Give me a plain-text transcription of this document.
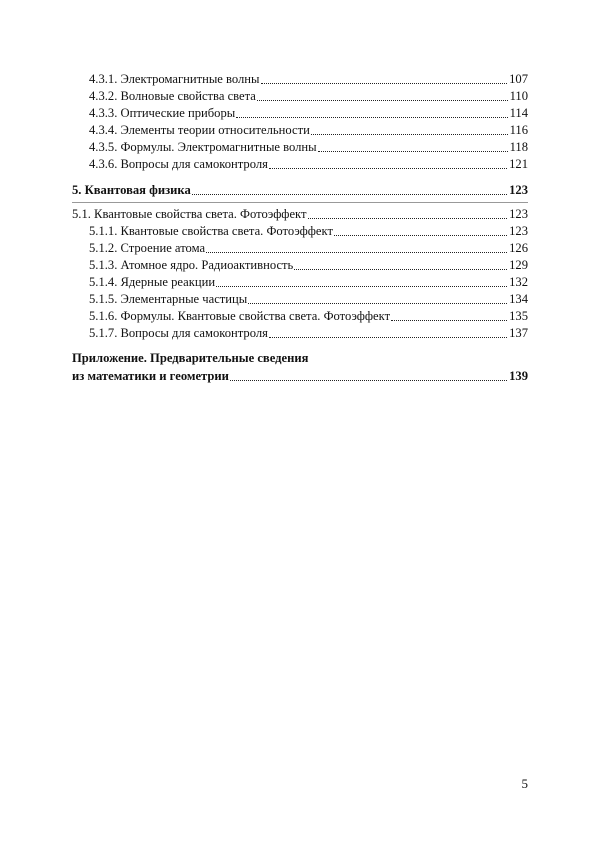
4.3.1. Электромагнитные волны	107
4.3.2. Волновые свойства света	110
4.3.3. Оптические приборы	114
4.3.4. Элементы теории относительности	116
4.3.5. Формулы. Электромагнитные волны	118
4.3.6. Вопросы для самоконтроля	121
5. Квантовая физика	123
5.1. Квантовые свойства света. Фотоэффект	123
5.1.1. Квантовые свойства света. Фотоэффект	123
5.1.2. Строение атома	126
5.1.3. Атомное ядро. Радиоактивность	129
5.1.4. Ядерные реакции	132
5.1.5. Элементарные частицы	134
5.1.6. Формулы. Квантовые свойства света. Фотоэффект	135
5.1.7. Вопросы для самоконтроля	137
Приложение. Предварительные сведения
из математики и геометрии	139
5
